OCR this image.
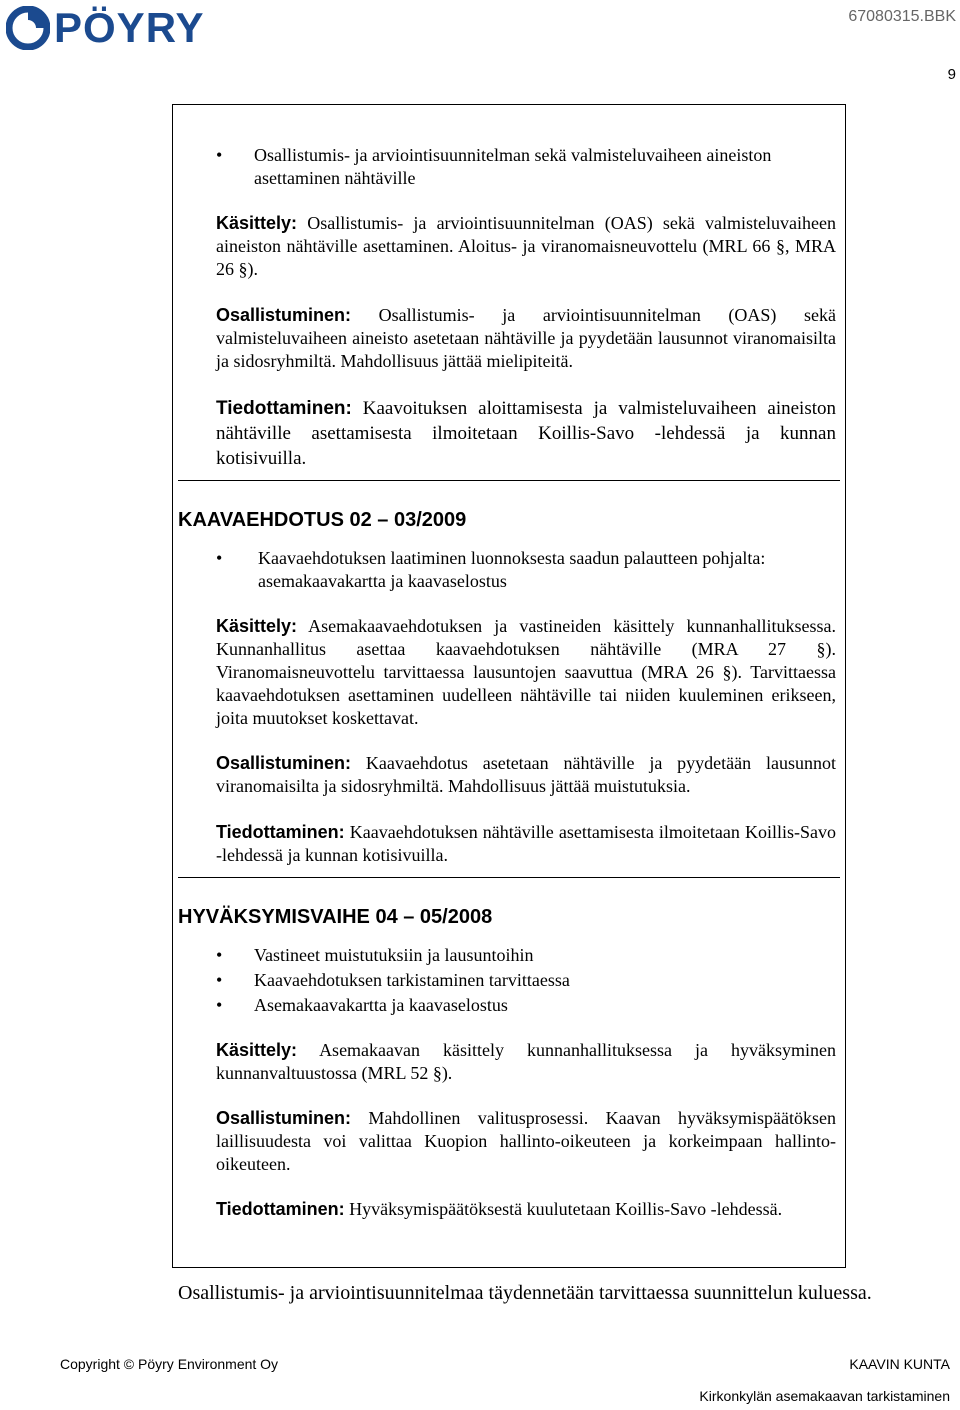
PÖYRY	67080315.BBK
9
•	Osallistumis- ja arviointisuunnitelman sekä valmisteluvaiheen aineiston asettaminen nähtäville
Käsittely: Osallistumis- ja arviointisuunnitelman (OAS) sekä valmisteluvaiheen aineiston nähtäville asettaminen. Aloitus- ja viranomaisneuvottelu (MRL 66 §, MRA 26 §).
Osallistuminen: Osallistumis- ja arviointisuunnitelman (OAS) sekä valmisteluvaiheen aineisto asetetaan nähtäville ja pyydetään lausunnot viranomaisilta ja sidosryhmiltä. Mahdollisuus jättää mielipiteitä.
Tiedottaminen: Kaavoituksen aloittamisesta ja valmisteluvaiheen aineiston nähtäville asettamisesta ilmoitetaan Koillis-Savo -lehdessä ja kunnan kotisivuilla.
KAAVAEHDOTUS 02 – 03/2009
•	Kaavaehdotuksen laatiminen luonnoksesta saadun palautteen pohjalta: asemakaavakartta ja kaavaselostus
Käsittely: Asemakaavaehdotuksen ja vastineiden käsittely kunnanhallituksessa. Kunnanhallitus asettaa kaavaehdotuksen nähtäville (MRA 27 §). Viranomaisneuvottelu tarvittaessa lausuntojen saavuttua (MRA 26 §). Tarvittaessa kaavaehdotuksen asettaminen uudelleen nähtäville tai niiden kuuleminen erikseen, joita muutokset koskettavat.
Osallistuminen: Kaavaehdotus asetetaan nähtäville ja pyydetään lausunnot viranomaisilta ja sidosryhmiltä. Mahdollisuus jättää muistutuksia.
Tiedottaminen: Kaavaehdotuksen nähtäville asettamisesta ilmoitetaan Koillis-Savo -lehdessä ja kunnan kotisivuilla.
HYVÄKSYMISVAIHE 04 – 05/2008
•	Vastineet muistutuksiin ja lausuntoihin
•	Kaavaehdotuksen tarkistaminen tarvittaessa
•	Asemakaavakartta ja kaavaselostus
Käsittely: Asemakaavan käsittely kunnanhallituksessa ja hyväksyminen kunnanvaltuustossa (MRL 52 §).
Osallistuminen: Mahdollinen valitusprosessi. Kaavan hyväksymispäätöksen laillisuudesta voi valittaa Kuopion hallinto-oikeuteen ja korkeimpaan hallinto-oikeuteen.
Tiedottaminen: Hyväksymispäätöksestä kuulutetaan Koillis-Savo -lehdessä.
Osallistumis- ja arviointisuunnitelmaa täydennetään tarvittaessa suunnittelun kuluessa.
Copyright © Pöyry Environment Oy	KAAVIN KUNTA
Kirkonkylän asemakaavan tarkistaminen
